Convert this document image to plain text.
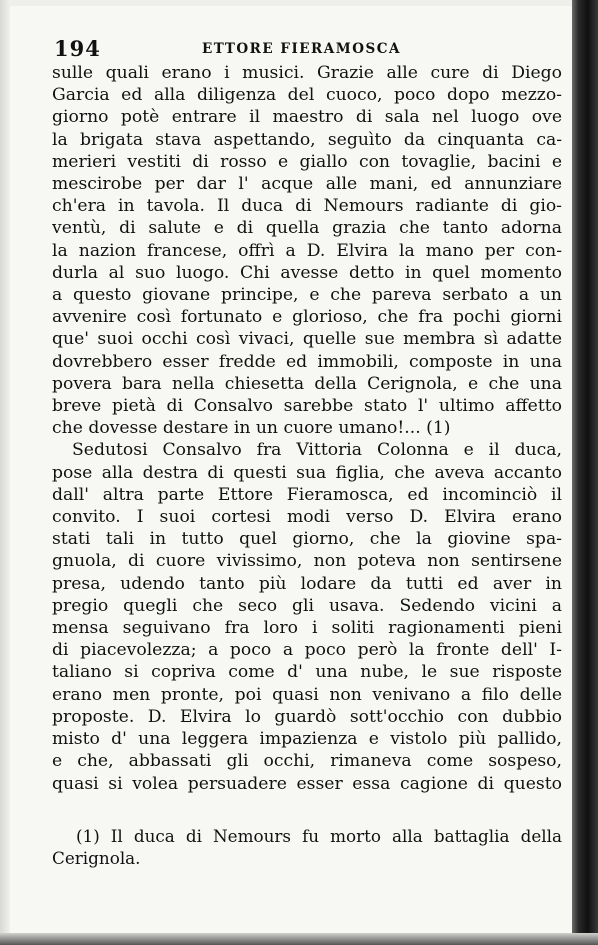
194	ETTORE FIERAMOSCA
sulle quali erano i musici. Grazie alle cure di Diego
Garcia ed alla diligenza del cuoco, poco dopo mezzo-
giorno potè entrare il maestro di sala nel luogo ove
la brigata stava aspettando, seguìto da cinquanta ca-
merieri vestiti di rosso e giallo con tovaglie, bacini e
mescirobe per dar l' acque alle mani, ed annunziare
ch'era in tavola. Il duca di Nemours radiante di gio-
ventù, di salute e di quella grazia che tanto adorna
la nazion francese, offrì a D. Elvira la mano per con-
durla al suo luogo. Chi avesse detto in quel momento
a questo giovane principe, e che pareva serbato a un
avvenire così fortunato e glorioso, che fra pochi giorni
que' suoi occhi così vivaci, quelle sue membra sì adatte
dovrebbero esser fredde ed immobili, composte in una
povera bara nella chiesetta della Cerignola, e che una
breve pietà di Consalvo sarebbe stato l' ultimo affetto
che dovesse destare in un cuore umano!... (1)
Sedutosi Consalvo fra Vittoria Colonna e il duca,
pose alla destra di questi sua figlia, che aveva accanto
dall' altra parte Ettore Fieramosca, ed incominciò il
convito. I suoi cortesi modi verso D. Elvira erano
stati tali in tutto quel giorno, che la giovine spa-
gnuola, di cuore vivissimo, non poteva non sentirsene
presa, udendo tanto più lodare da tutti ed aver in
pregio quegli che seco gli usava. Sedendo vicini a
mensa seguivano fra loro i soliti ragionamenti pieni
di piacevolezza; a poco a poco però la fronte dell' I-
taliano si copriva come d' una nube, le sue risposte
erano men pronte, poi quasi non venivano a filo delle
proposte. D. Elvira lo guardò sott'occhio con dubbio
misto d' una leggera impazienza e vistolo più pallido,
e che, abbassati gli occhi, rimaneva come sospeso,
quasi si volea persuadere esser essa cagione di questo
(1) Il duca di Nemours fu morto alla battaglia della
Cerignola.
